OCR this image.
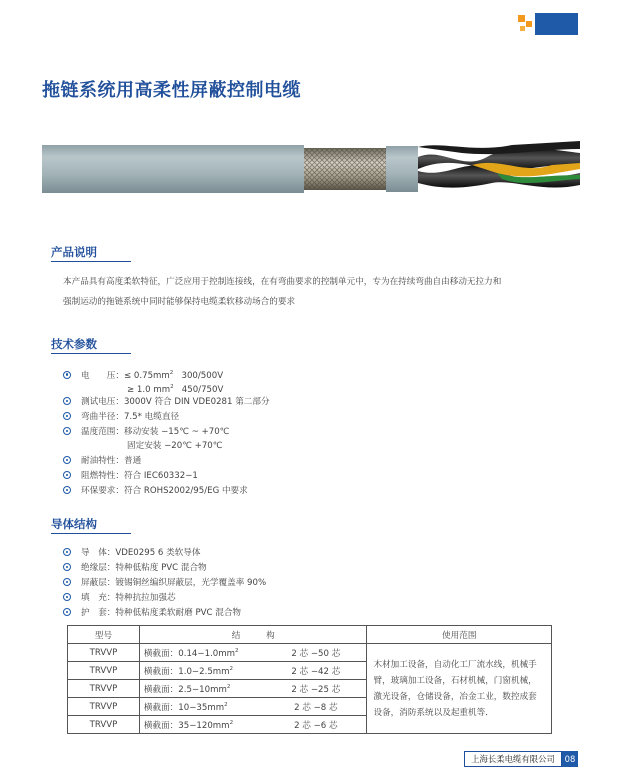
拖链系统用高柔性屏蔽控制电缆
产品说明
本产品具有高度柔软特征，广泛应用于控制连接线，在有弯曲要求的控制单元中，专为在持续弯曲自由移动无拉力和
强制运动的拖链系统中同时能够保持电缆柔软移动场合的要求
技术参数
电　　压：≤ $0.75mm^2$   300/500V
≥ 1.0 $mm^2$   450/750V
测试电压：3000V 符合 DIN VDE0281 第二部分
弯曲半径：7.5* 电缆直径
温度范围：移动安装 −15℃ ~ +70℃
固定安装 −20℃ +70℃
耐油特性：普通
阻燃特性：符合 IEC60332−1
环保要求：符合 ROHS2002/95/EG 中要求
导体结构
导　体：VDE0295 6 类软导体
绝缘层：特种低粘度 PVC 混合物
屏蔽层：镀锡铜丝编织屏蔽层，光学覆盖率 90%
填　充：特种抗拉加强芯
护　套：特种低粘度柔软耐磨 PVC 混合物
型号	结　　　构		使用范围
TRVVP	横截面：$0.14-1.0mm^2$	2 芯 −50 芯	木材加工设备，自动化工厂流水线，机械手臂，玻璃加工设备，石材机械，门窗机械，激光设备，仓储设备，冶金工业，数控成套设备，消防系统以及起重机等．
TRVVP	横截面：$1.0-2.5mm^2$	2 芯 −42 芯	
TRVVP	横截面：$2.5-10mm^2$	2 芯 −25 芯	
TRVVP	横截面：$10-35mm^2$	2 芯 −8 芯	
TRVVP	横截面：$35-120mm^2$	2 芯 −6 芯	
上海长柔电缆有限公司	08
